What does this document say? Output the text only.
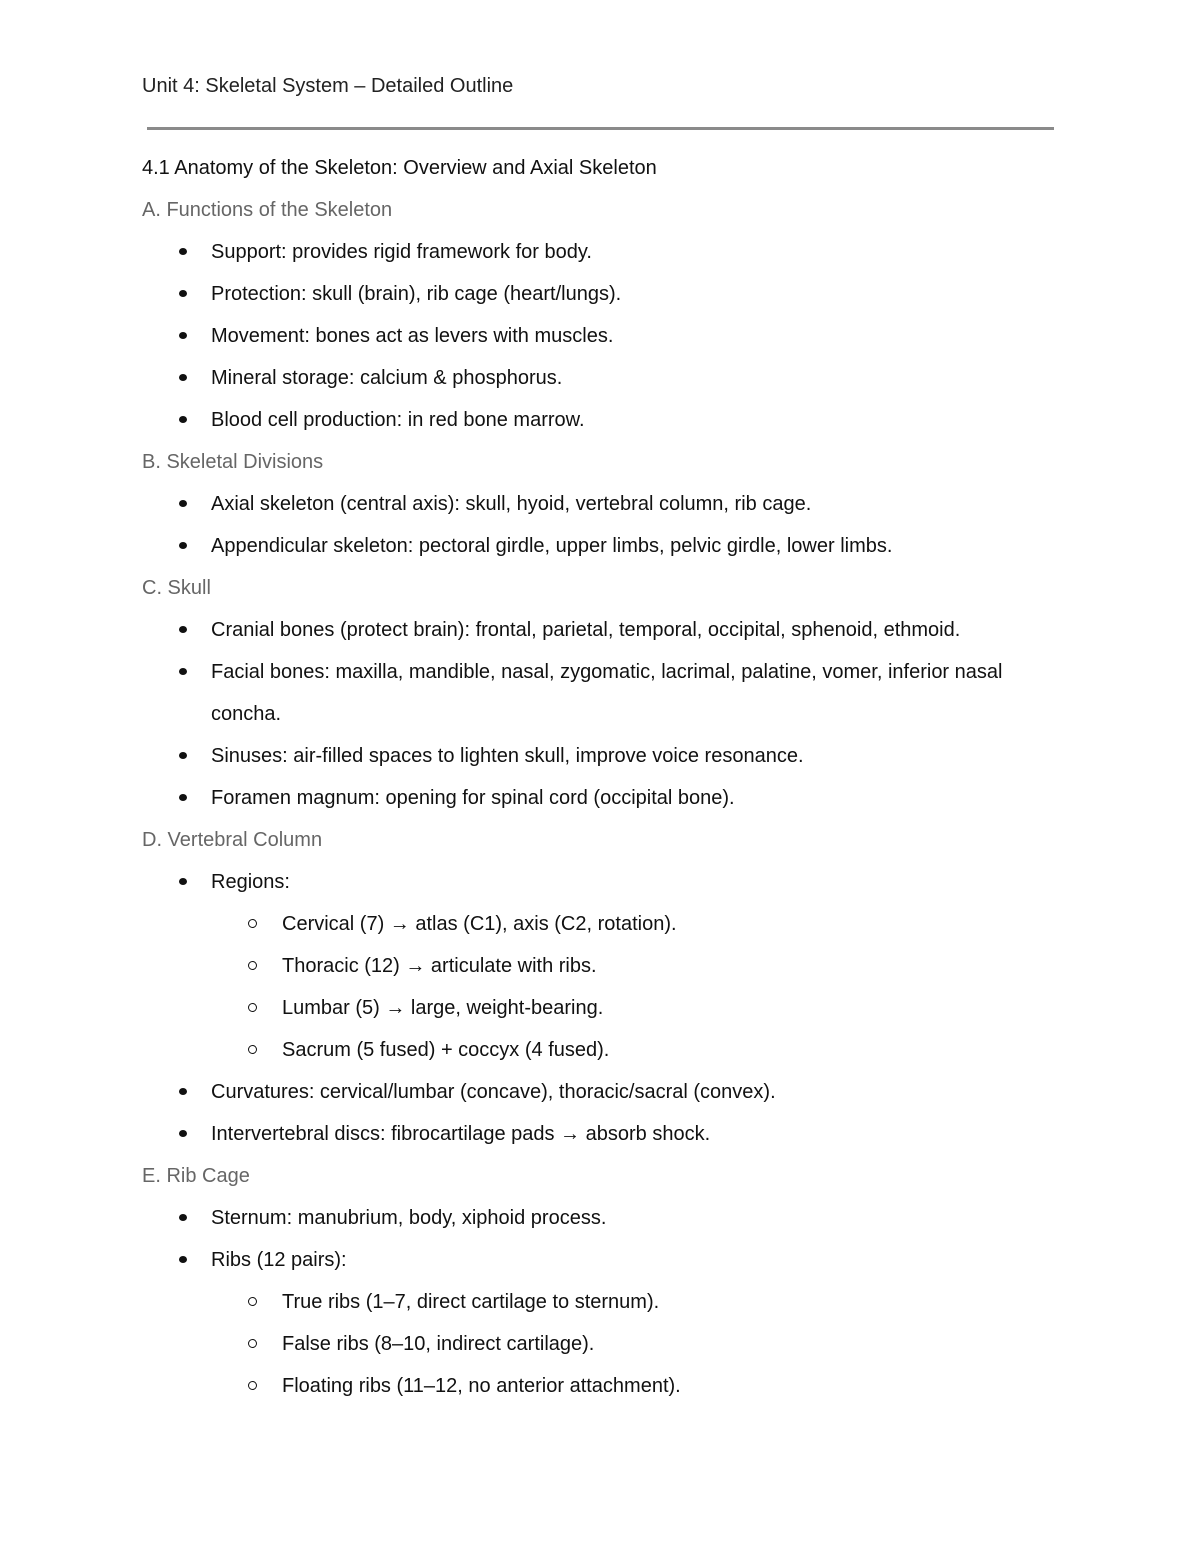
Unit 4: Skeletal System – Detailed Outline

4.1 Anatomy of the Skeleton: Overview and Axial Skeleton

A. Functions of the Skeleton

Support: provides rigid framework for body.
Protection: skull (brain), rib cage (heart/lungs).
Movement: bones act as levers with muscles.
Mineral storage: calcium & phosphorus.
Blood cell production: in red bone marrow.

B. Skeletal Divisions

Axial skeleton (central axis): skull, hyoid, vertebral column, rib cage.
Appendicular skeleton: pectoral girdle, upper limbs, pelvic girdle, lower limbs.

C. Skull

Cranial bones (protect brain): frontal, parietal, temporal, occipital, sphenoid, ethmoid.
Facial bones: maxilla, mandible, nasal, zygomatic, lacrimal, palatine, vomer, inferior nasal concha.
Sinuses: air-filled spaces to lighten skull, improve voice resonance.
Foramen magnum: opening for spinal cord (occipital bone).

D. Vertebral Column

Regions:
Cervical (7) → atlas (C1), axis (C2, rotation).
Thoracic (12) → articulate with ribs.
Lumbar (5) → large, weight-bearing.
Sacrum (5 fused) + coccyx (4 fused).
Curvatures: cervical/lumbar (concave), thoracic/sacral (convex).
Intervertebral discs: fibrocartilage pads → absorb shock.

E. Rib Cage

Sternum: manubrium, body, xiphoid process.
Ribs (12 pairs):
True ribs (1–7, direct cartilage to sternum).
False ribs (8–10, indirect cartilage).
Floating ribs (11–12, no anterior attachment).
